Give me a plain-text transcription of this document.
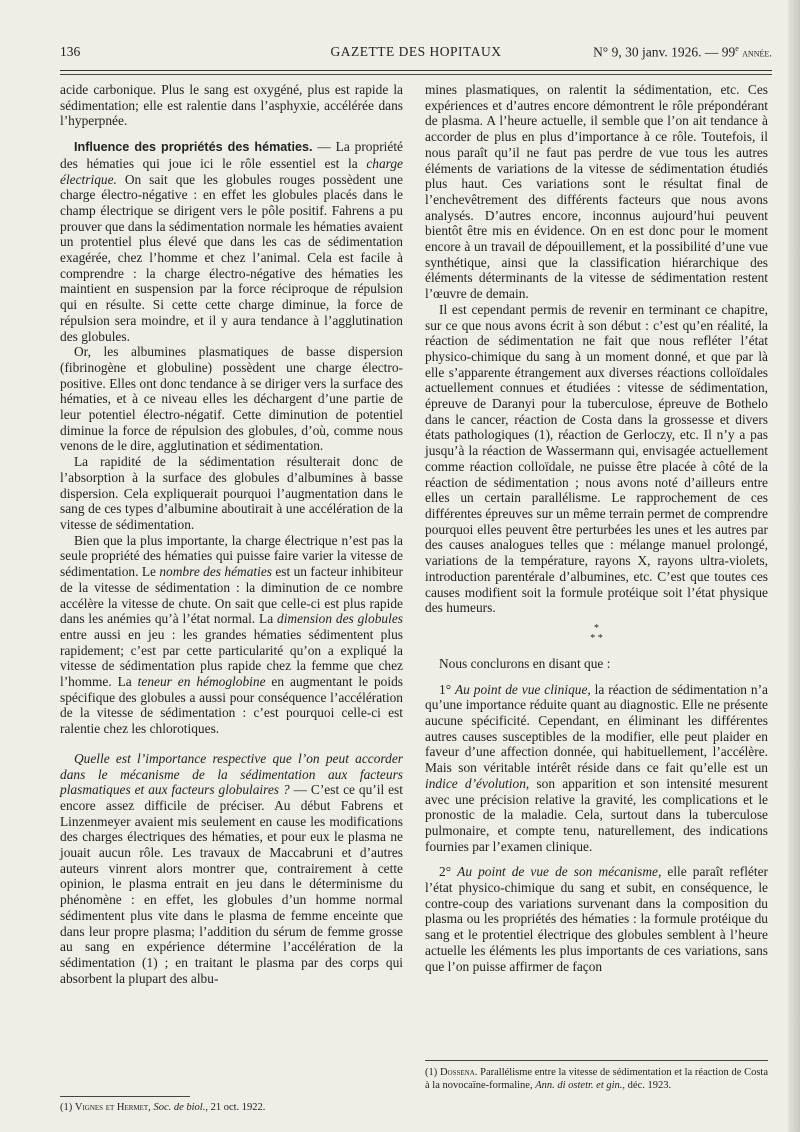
GAZETTE DES HOPITAUX
136	N° 9, 30 janv. 1926. — 99e année.

acide carbonique. Plus le sang est oxygéné, plus est rapide la sédimentation; elle est ralentie dans l’asphyxie, accélérée dans l’hyperpnée.

Influence des propriétés des hématies. — La propriété des hématies qui joue ici le rôle essentiel est la charge électrique. On sait que les globules rouges possèdent une charge électro-négative : en effet les globules placés dans le champ électrique se dirigent vers le pôle positif. Fahrens a pu prouver que dans la sédimentation normale les hématies avaient un protentiel plus élevé que dans les cas de sédimentation exagérée, chez l’homme et chez l’animal. Cela est facile à comprendre : la charge électro-négative des hématies les maintient en suspension par la force réciproque de répulsion qui en résulte. Si cette cette charge diminue, la force de répulsion sera moindre, et il y aura tendance à l’agglutination des globules.

Or, les albumines plasmatiques de basse dispersion (fibrinogène et globuline) possèdent une charge électro-positive. Elles ont donc tendance à se diriger vers la surface des hématies, et à ce niveau elles les déchargent d’une partie de leur potentiel électro-négatif. Cette diminution de potentiel diminue la force de répulsion des globules, d’où, comme nous venons de le dire, agglutination et sédimentation.

La rapidité de la sédimentation résulterait donc de l’absorption à la surface des globules d’albumines à basse dispersion. Cela expliquerait pourquoi l’augmentation dans le sang de ces types d’albumine aboutirait à une accélération de la vitesse de sédimentation.

Bien que la plus importante, la charge électrique n’est pas la seule propriété des hématies qui puisse faire varier la vitesse de sédimentation. Le nombre des hématies est un facteur inhibiteur de la vitesse de sédimentation : la diminution de ce nombre accélère la vitesse de chute. On sait que celle-ci est plus rapide dans les anémies qu’à l’état normal. La dimension des globules entre aussi en jeu : les grandes hématies sédimentent plus rapidement; c’est par cette particularité qu’on a expliqué la vitesse de sédimentation plus rapide chez la femme que chez l’homme. La teneur en hémoglobine en augmentant le poids spécifique des globules a aussi pour conséquence l’accélération de la vitesse de sédimentation : c’est pourquoi celle-ci est ralentie chez les chlorotiques.

Quelle est l’importance respective que l’on peut accorder dans le mécanisme de la sédimentation aux facteurs plasmatiques et aux facteurs globulaires ? — C’est ce qu’il est encore assez difficile de préciser. Au début Fabrens et Linzenmeyer avaient mis seulement en cause les modifications des charges électriques des hématies, et pour eux le plasma ne jouait aucun rôle. Les travaux de Maccabruni et d’autres auteurs vinrent alors montrer que, contrairement à cette opinion, le plasma entrait en jeu dans le déterminisme du phénomène : en effet, les globules d’un homme normal sédimentent plus vite dans le plasma de femme enceinte que dans leur propre plasma; l’addition du sérum de femme grosse au sang en expérience détermine l’accélération de la sédimentation (1) ; en traitant le plasma par des corps qui absorbent la plupart des albu-

(1) Vignes et Hermet, Soc. de biol., 21 oct. 1922.

mines plasmatiques, on ralentit la sédimentation, etc. Ces expériences et d’autres encore démontrent le rôle prépondérant de plasma. A l’heure actuelle, il semble que l’on ait tendance à accorder de plus en plus d’importance à ce rôle. Toutefois, il nous paraît qu’il ne faut pas perdre de vue tous les autres éléments de variations de la vitesse de sédimentation étudiés plus haut. Ces variations sont le résultat final de l’enchevêtrement des différents facteurs que nous avons analysés. D’autres encore, inconnus aujourd’hui peuvent bientôt être mis en évidence. On en est donc pour le moment encore à un travail de dépouillement, et la possibilité d’une vue synthétique, ainsi que la classification hiérarchique des éléments déterminants de la vitesse de sédimentation restent l’œuvre de demain.

Il est cependant permis de revenir en terminant ce chapitre, sur ce que nous avons écrit à son début : c’est qu’en réalité, la réaction de sédimentation ne fait que nous refléter l’état physico-chimique du sang à un moment donné, et que par là elle s’apparente étrangement aux diverses réactions colloïdales actuellement connues et étudiées : vitesse de sédimentation, épreuve de Daranyi pour la tuberculose, épreuve de Bothelo dans le cancer, réaction de Costa dans la grossesse et divers états pathologiques (1), réaction de Gerloczy, etc. Il n’y a pas jusqu’à la réaction de Wassermann qui, envisagée actuellement comme réaction colloïdale, ne puisse être placée à côté de la réaction de sédimentation ; nous avons noté d’ailleurs entre elles un certain parallélisme. Le rapprochement de ces différentes épreuves sur un même terrain permet de comprendre pourquoi elles peuvent être perturbées les unes et les autres par des causes analogues telles que : mélange manuel prolongé, variations de la température, rayons X, rayons ultra-violets, introduction parentérale d’albumines, etc. C’est que toutes ces causes modifient soit la formule protéique soit l’état physique des humeurs.

*
* *

Nous conclurons en disant que :

1° Au point de vue clinique, la réaction de sédimentation n’a qu’une importance réduite quant au diagnostic. Elle ne présente aucune spécificité. Cependant, en éliminant les différentes autres causes susceptibles de la modifier, elle peut plaider en faveur d’une affection donnée, qui habituellement, l’accélère. Mais son véritable intérêt réside dans ce fait qu’elle est un indice d’évolution, son apparition et son intensité mesurent avec une précision relative la gravité, les complications et le pronostic de la maladie. Cela, surtout dans la tuberculose pulmonaire, et compte tenu, naturellement, des indications fournies par l’examen clinique.

2° Au point de vue de son mécanisme, elle paraît refléter l’état physico-chimique du sang et subit, en conséquence, le contre-coup des variations survenant dans la composition du plasma ou les propriétés des hématies : la formule protéique du sang et le protentiel électrique des globules semblent à l’heure actuelle les éléments les plus importants de ces variations, sans que l’on puisse affirmer de façon

(1) Dossena. Parallélisme entre la vitesse de sédimentation et la réaction de Costa à la novocaïne-formaline, Ann. di ostetr. et gin., déc. 1923.
